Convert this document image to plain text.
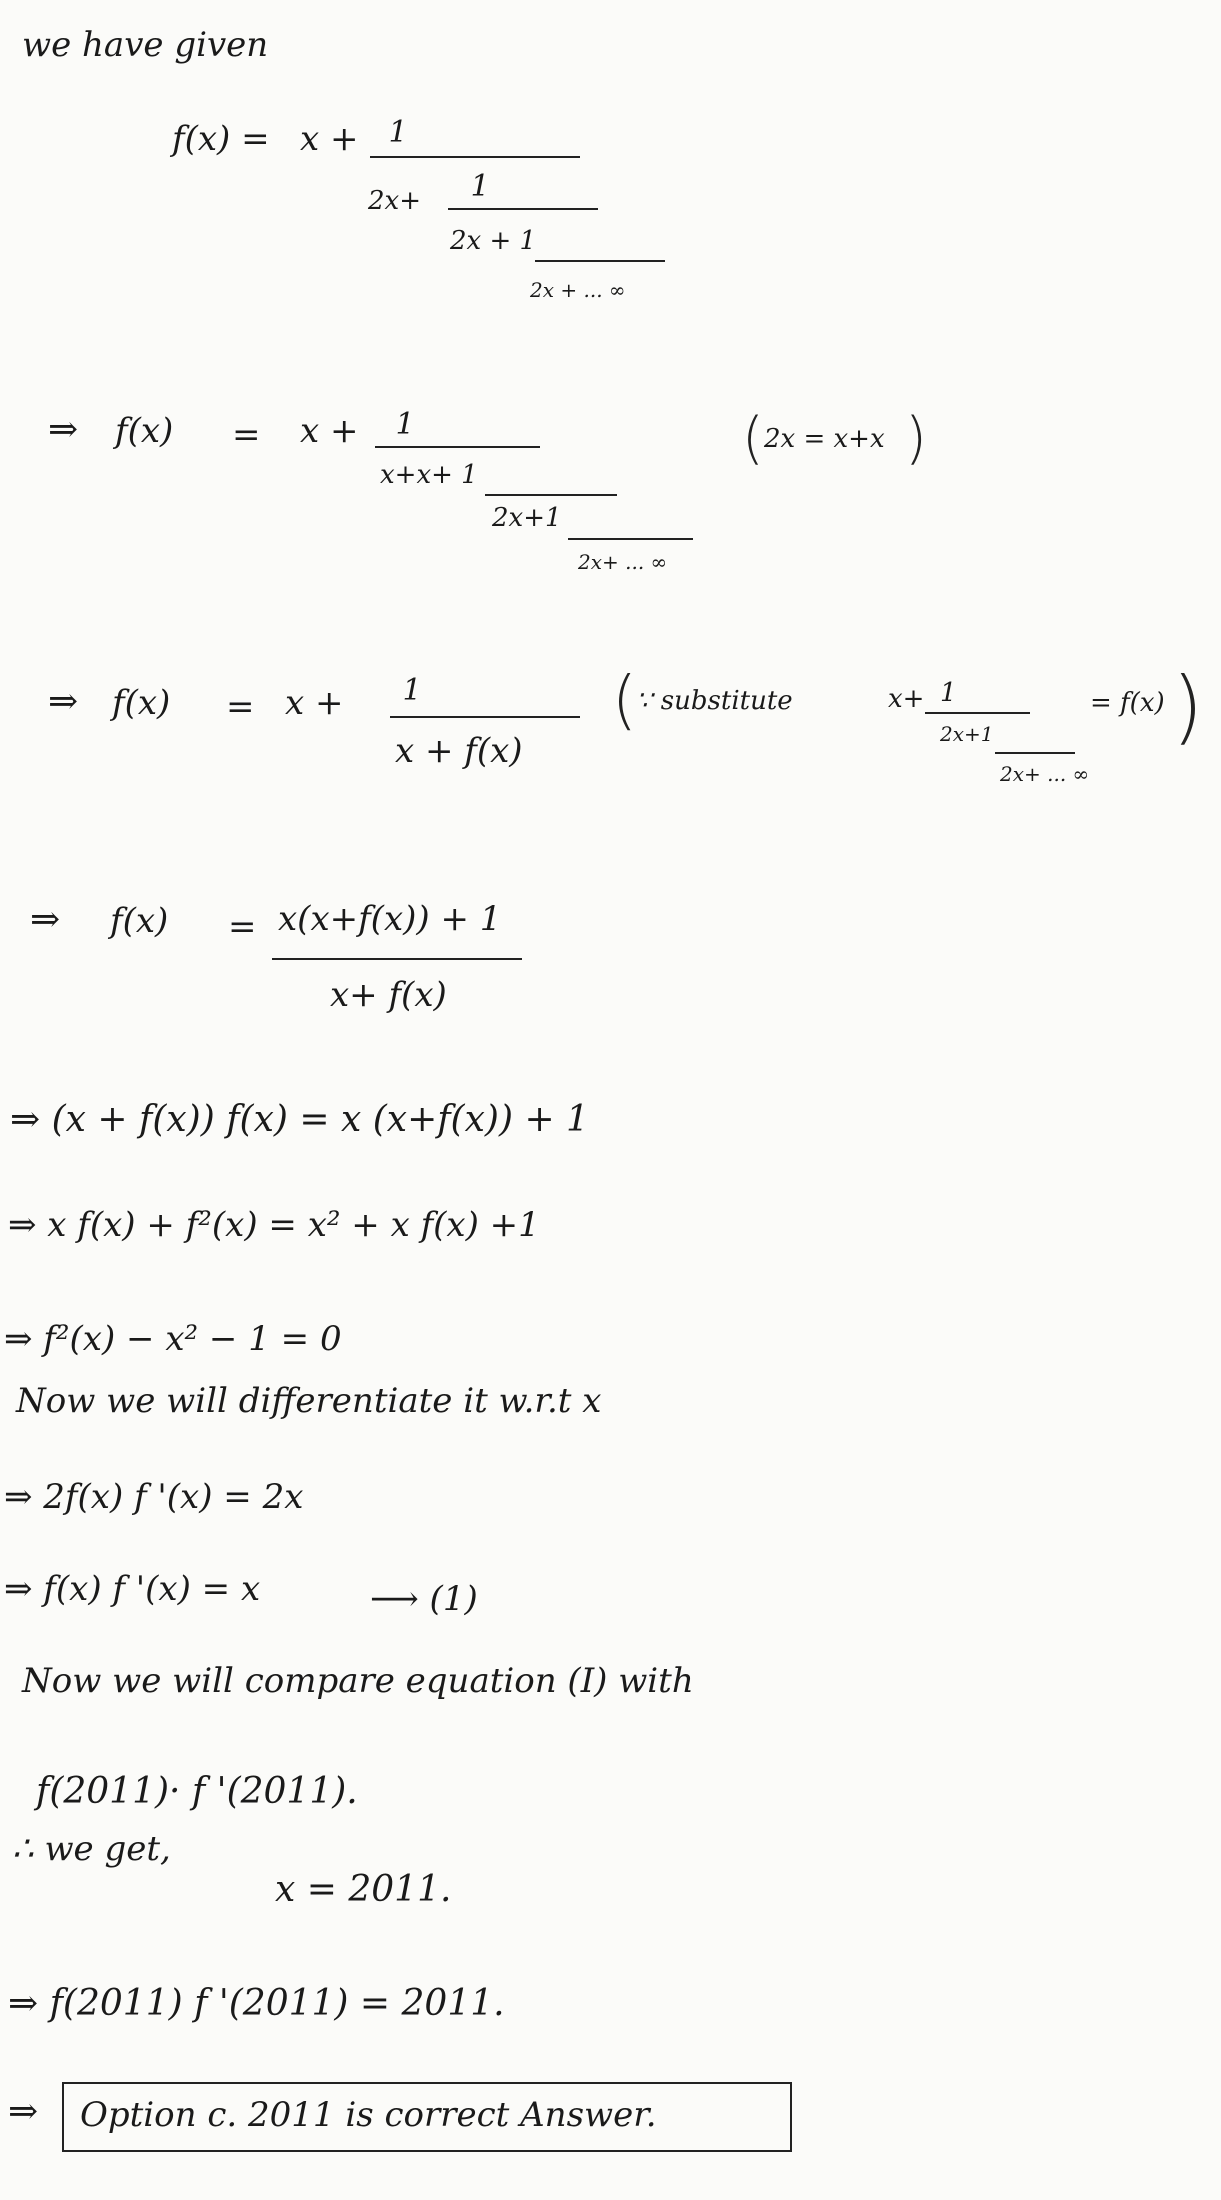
we have given
f(x) = x + 1
2x+	1
2x + 1
2x + ... ∞
⇒ f(x) = x +	1
x+x+ 1
2x+1
2x+ ... ∞
( 2x = x+x )
⇒ f(x) = x +	1
x + f(x)
( ∵ substitute	x+ 1
2x+1
2x+ ... ∞
= f(x) )
⇒ f(x) = x(x+f(x)) + 1
x+ f(x)
⇒ (x + f(x)) f(x) = x (x+f(x)) + 1
⇒ x f(x) + f²(x) = x² + x f(x) +1
⇒ f²(x) − x² − 1 = 0
Now we will differentiate it w.r.t x
⇒ 2f(x) f '(x) = 2x
⇒ f(x) f '(x) = x	⟶ (1)
Now we will compare equation (I) with
f(2011)· f '(2011).
∴ we get,
x = 2011.
⇒ f(2011) f '(2011) = 2011.
⇒ Option c. 2011 is correct Answer.
